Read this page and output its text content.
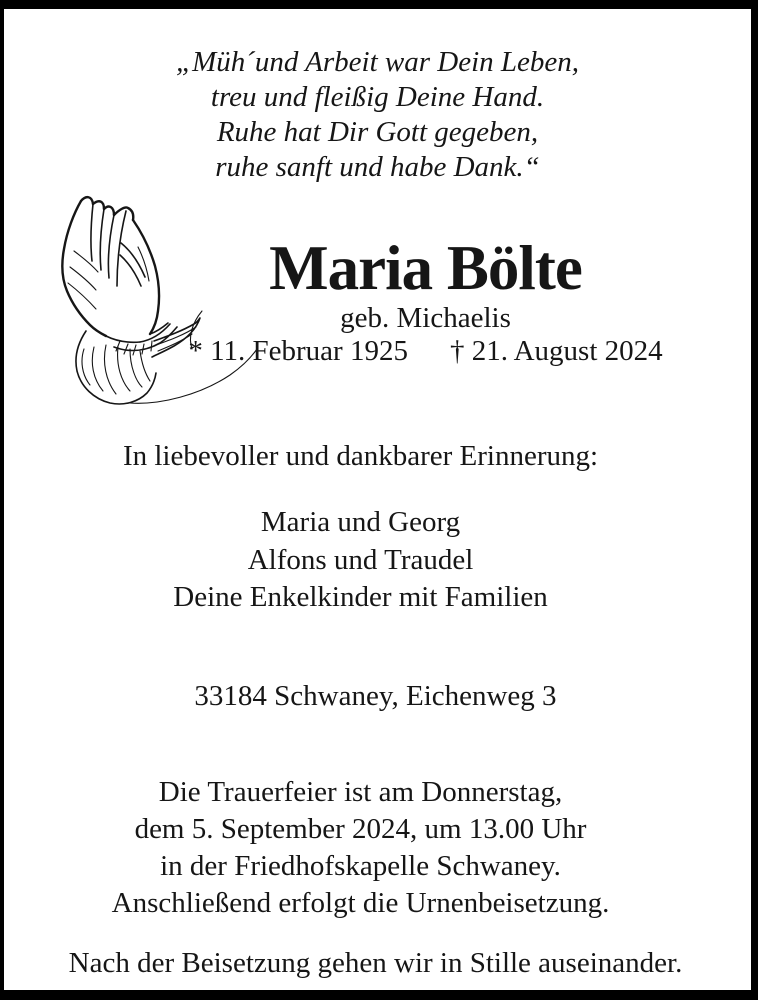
„Müh´und Arbeit war Dein Leben,
treu und fleißig Deine Hand.
Ruhe hat Dir Gott gegeben,
ruhe sanft und habe Dank.“
Maria Bölte
geb. Michaelis
* 11. Februar 1925 † 21. August 2024
In liebevoller und dankbarer Erinnerung:
Maria und Georg
Alfons und Traudel
Deine Enkelkinder mit Familien
33184 Schwaney, Eichenweg 3
Die Trauerfeier ist am Donnerstag,
dem 5. September 2024, um 13.00 Uhr
in der Friedhofskapelle Schwaney.
Anschließend erfolgt die Urnenbeisetzung.
Nach der Beisetzung gehen wir in Stille auseinander.
